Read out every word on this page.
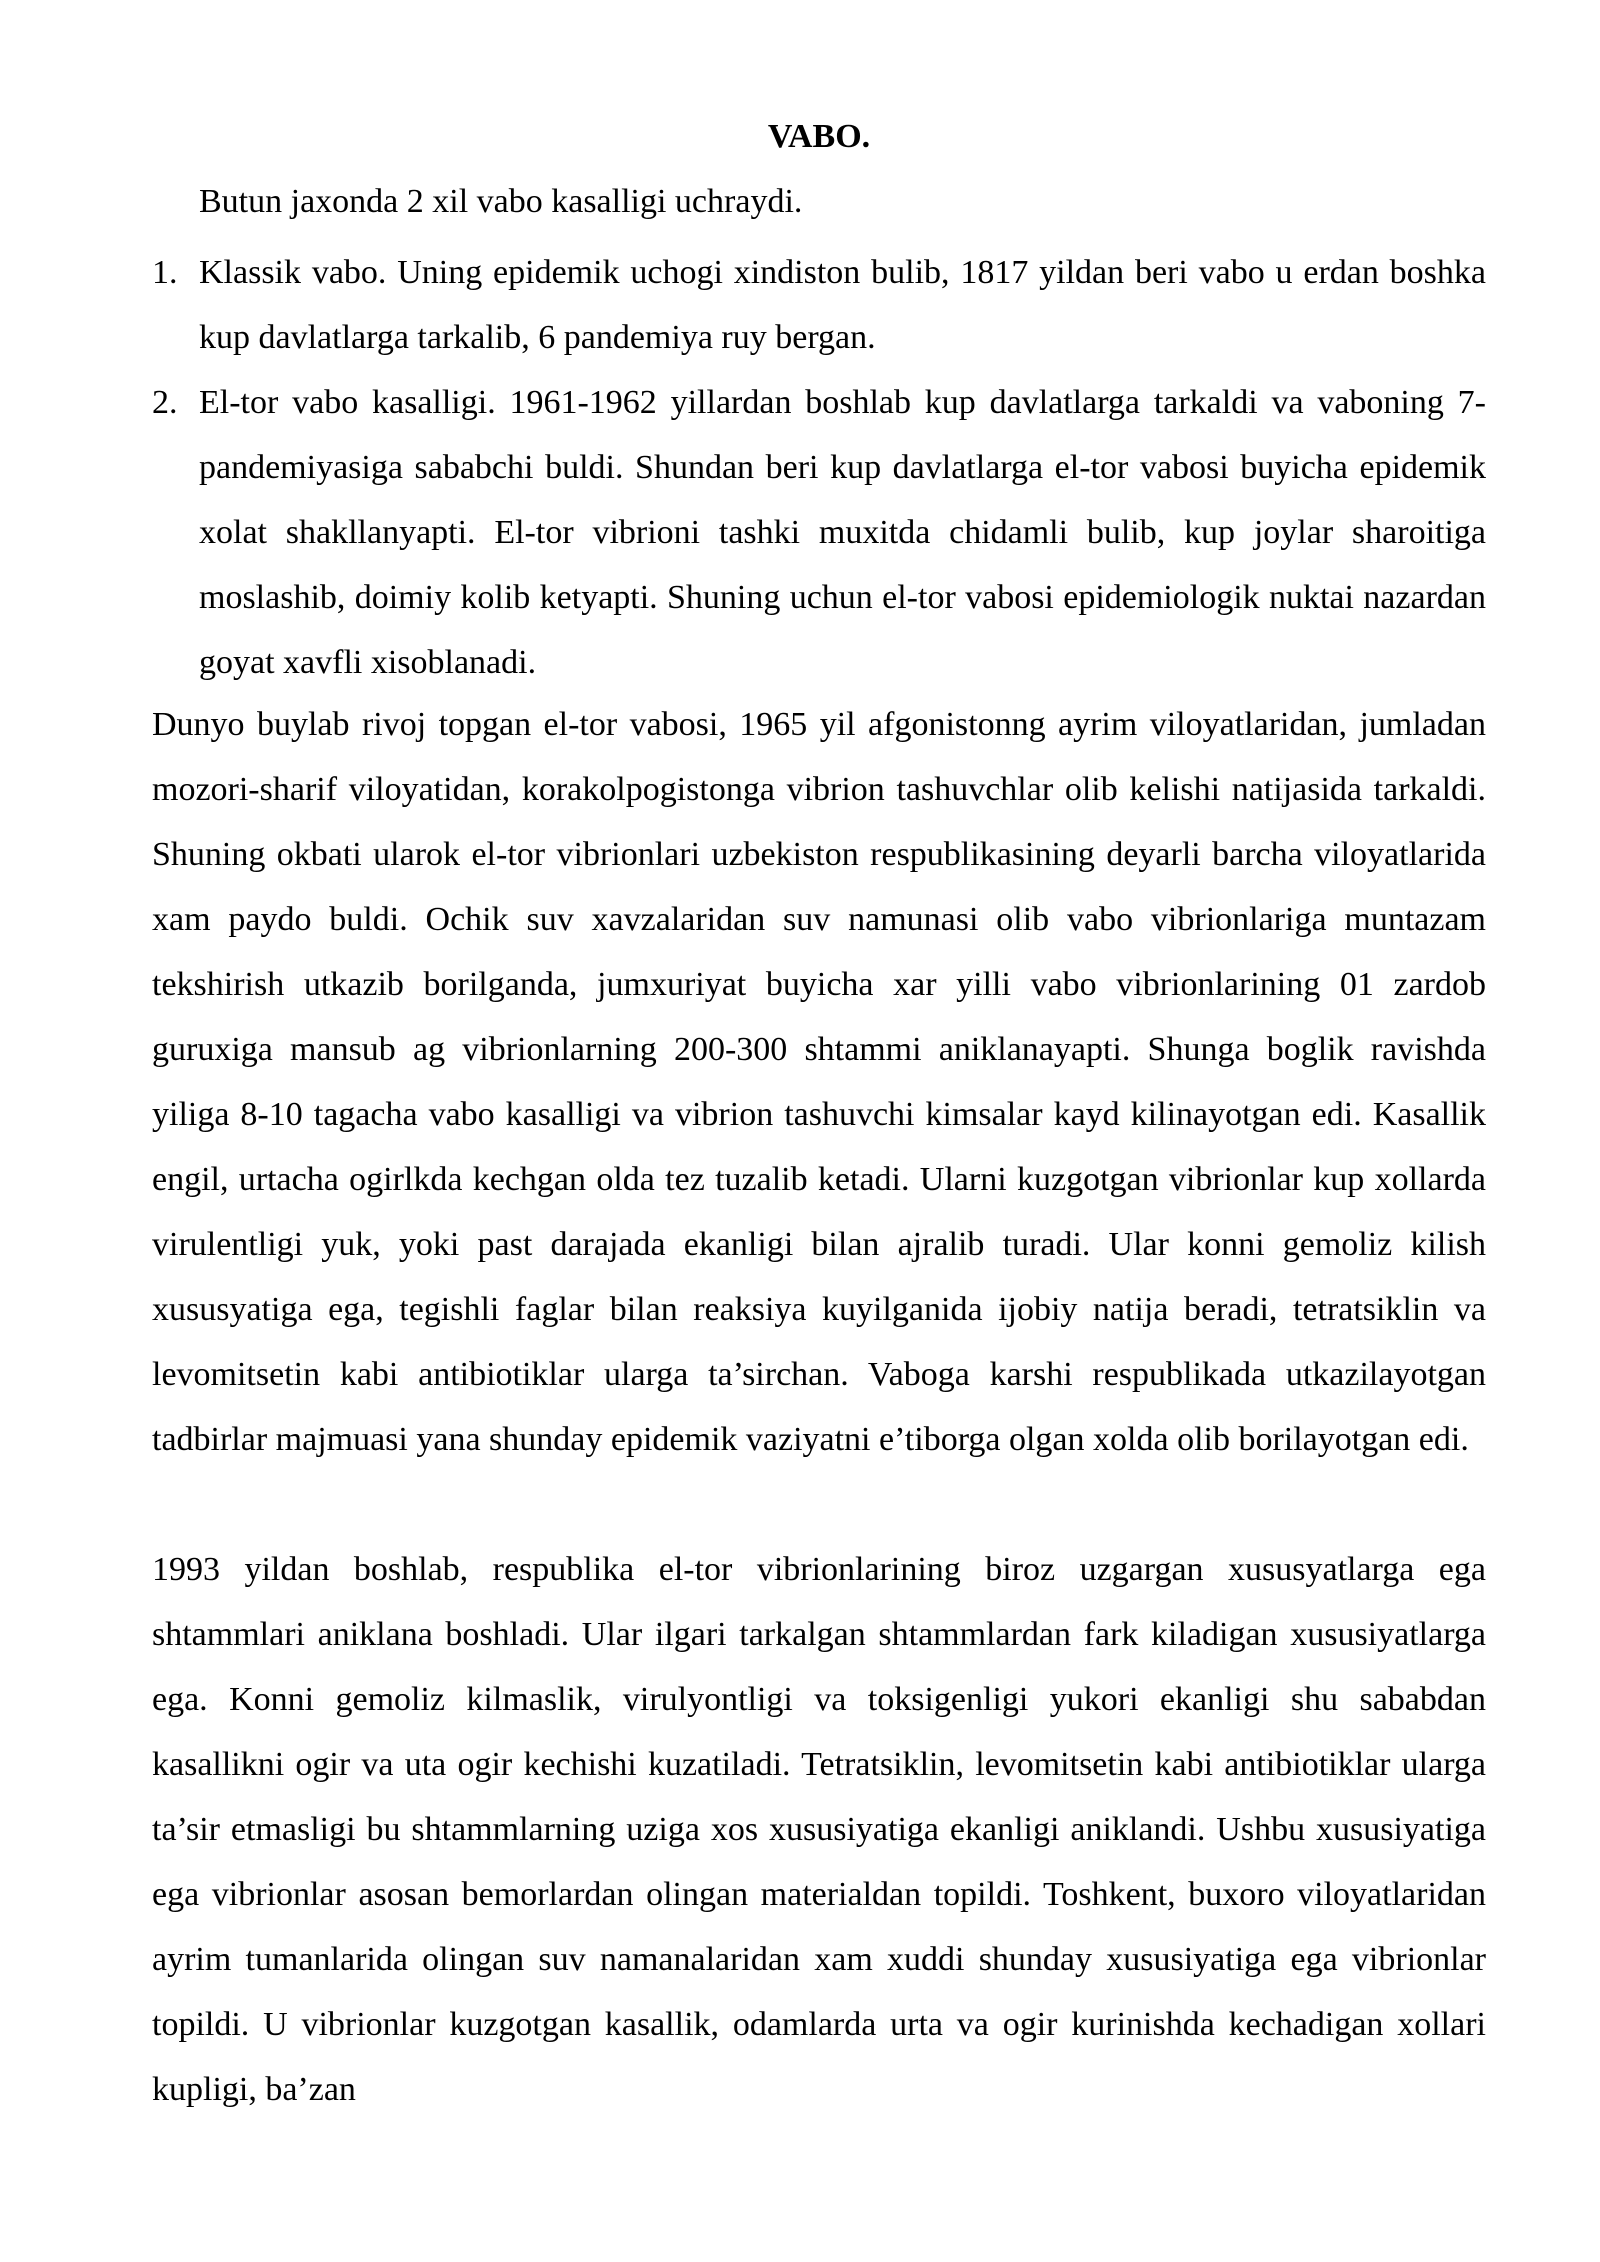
VABO.
Butun jaxonda 2 xil vabo kasalligi uchraydi.
1. Klassik vabo. Uning epidemik uchogi xindiston bulib, 1817 yildan beri vabo u erdan boshka kup davlatlarga tarkalib, 6 pandemiya ruy bergan.
2. El-tor vabo kasalligi. 1961-1962 yillardan boshlab kup davlatlarga tarkaldi va vaboning 7-pandemiyasiga sababchi buldi. Shundan beri kup davlatlarga el-tor vabosi buyicha epidemik xolat shakllanyapti. El-tor vibrioni tashki muxitda chidamli bulib, kup joylar sharoitiga moslashib, doimiy kolib ketyapti. Shuning uchun el-tor vabosi epidemiologik nuktai nazardan goyat xavfli xisoblanadi.

Dunyo buylab rivoj topgan el-tor vabosi, 1965 yil afgonistonng ayrim viloyatlaridan, jumladan mozori-sharif viloyatidan, korakolpogistonga vibrion tashuvchlar olib kelishi natijasida tarkaldi. Shuning okbati ularok el-tor vibrionlari uzbekiston respublikasining deyarli barcha viloyatlarida xam paydo buldi. Ochik suv xavzalaridan suv namunasi olib vabo vibrionlariga muntazam tekshirish utkazib borilganda, jumxuriyat buyicha xar yilli vabo vibrionlarining 01 zardob guruxiga mansub ag vibrionlarning 200-300 shtammi aniklanayapti. Shunga boglik ravishda yiliga 8-10 tagacha vabo kasalligi va vibrion tashuvchi kimsalar kayd kilinayotgan edi. Kasallik engil, urtacha ogirlkda kechgan olda tez tuzalib ketadi. Ularni kuzgotgan vibrionlar kup xollarda virulentligi yuk, yoki past darajada ekanligi bilan ajralib turadi. Ular konni gemoliz kilish xususyatiga ega, tegishli faglar bilan reaksiya kuyilganida ijobiy natija beradi, tetratsiklin va levomitsetin kabi antibiotiklar ularga ta’sirchan. Vaboga karshi respublikada utkazilayotgan tadbirlar majmuasi yana shunday epidemik vaziyatni e’tiborga olgan xolda olib borilayotgan edi.

1993 yildan boshlab, respublika el-tor vibrionlarining biroz uzgargan xususyatlarga ega shtammlari aniklana boshladi. Ular ilgari tarkalgan shtammlardan fark kiladigan xususiyatlarga ega. Konni gemoliz kilmaslik, virulyontligi va toksigenligi yukori ekanligi shu sababdan kasallikni ogir va uta ogir kechishi kuzatiladi. Tetratsiklin, levomitsetin kabi antibiotiklar ularga ta’sir etmasligi bu shtammlarning uziga xos xususiyatiga ekanligi aniklandi. Ushbu xususiyatiga ega vibrionlar asosan bemorlardan olingan materialdan topildi. Toshkent, buxoro viloyatlaridan ayrim tumanlarida olingan suv namanalaridan xam xuddi shunday xususiyatiga ega vibrionlar topildi. U vibrionlar kuzgotgan kasallik, odamlarda urta va ogir kurinishda kechadigan xollari kupligi, ba’zan
